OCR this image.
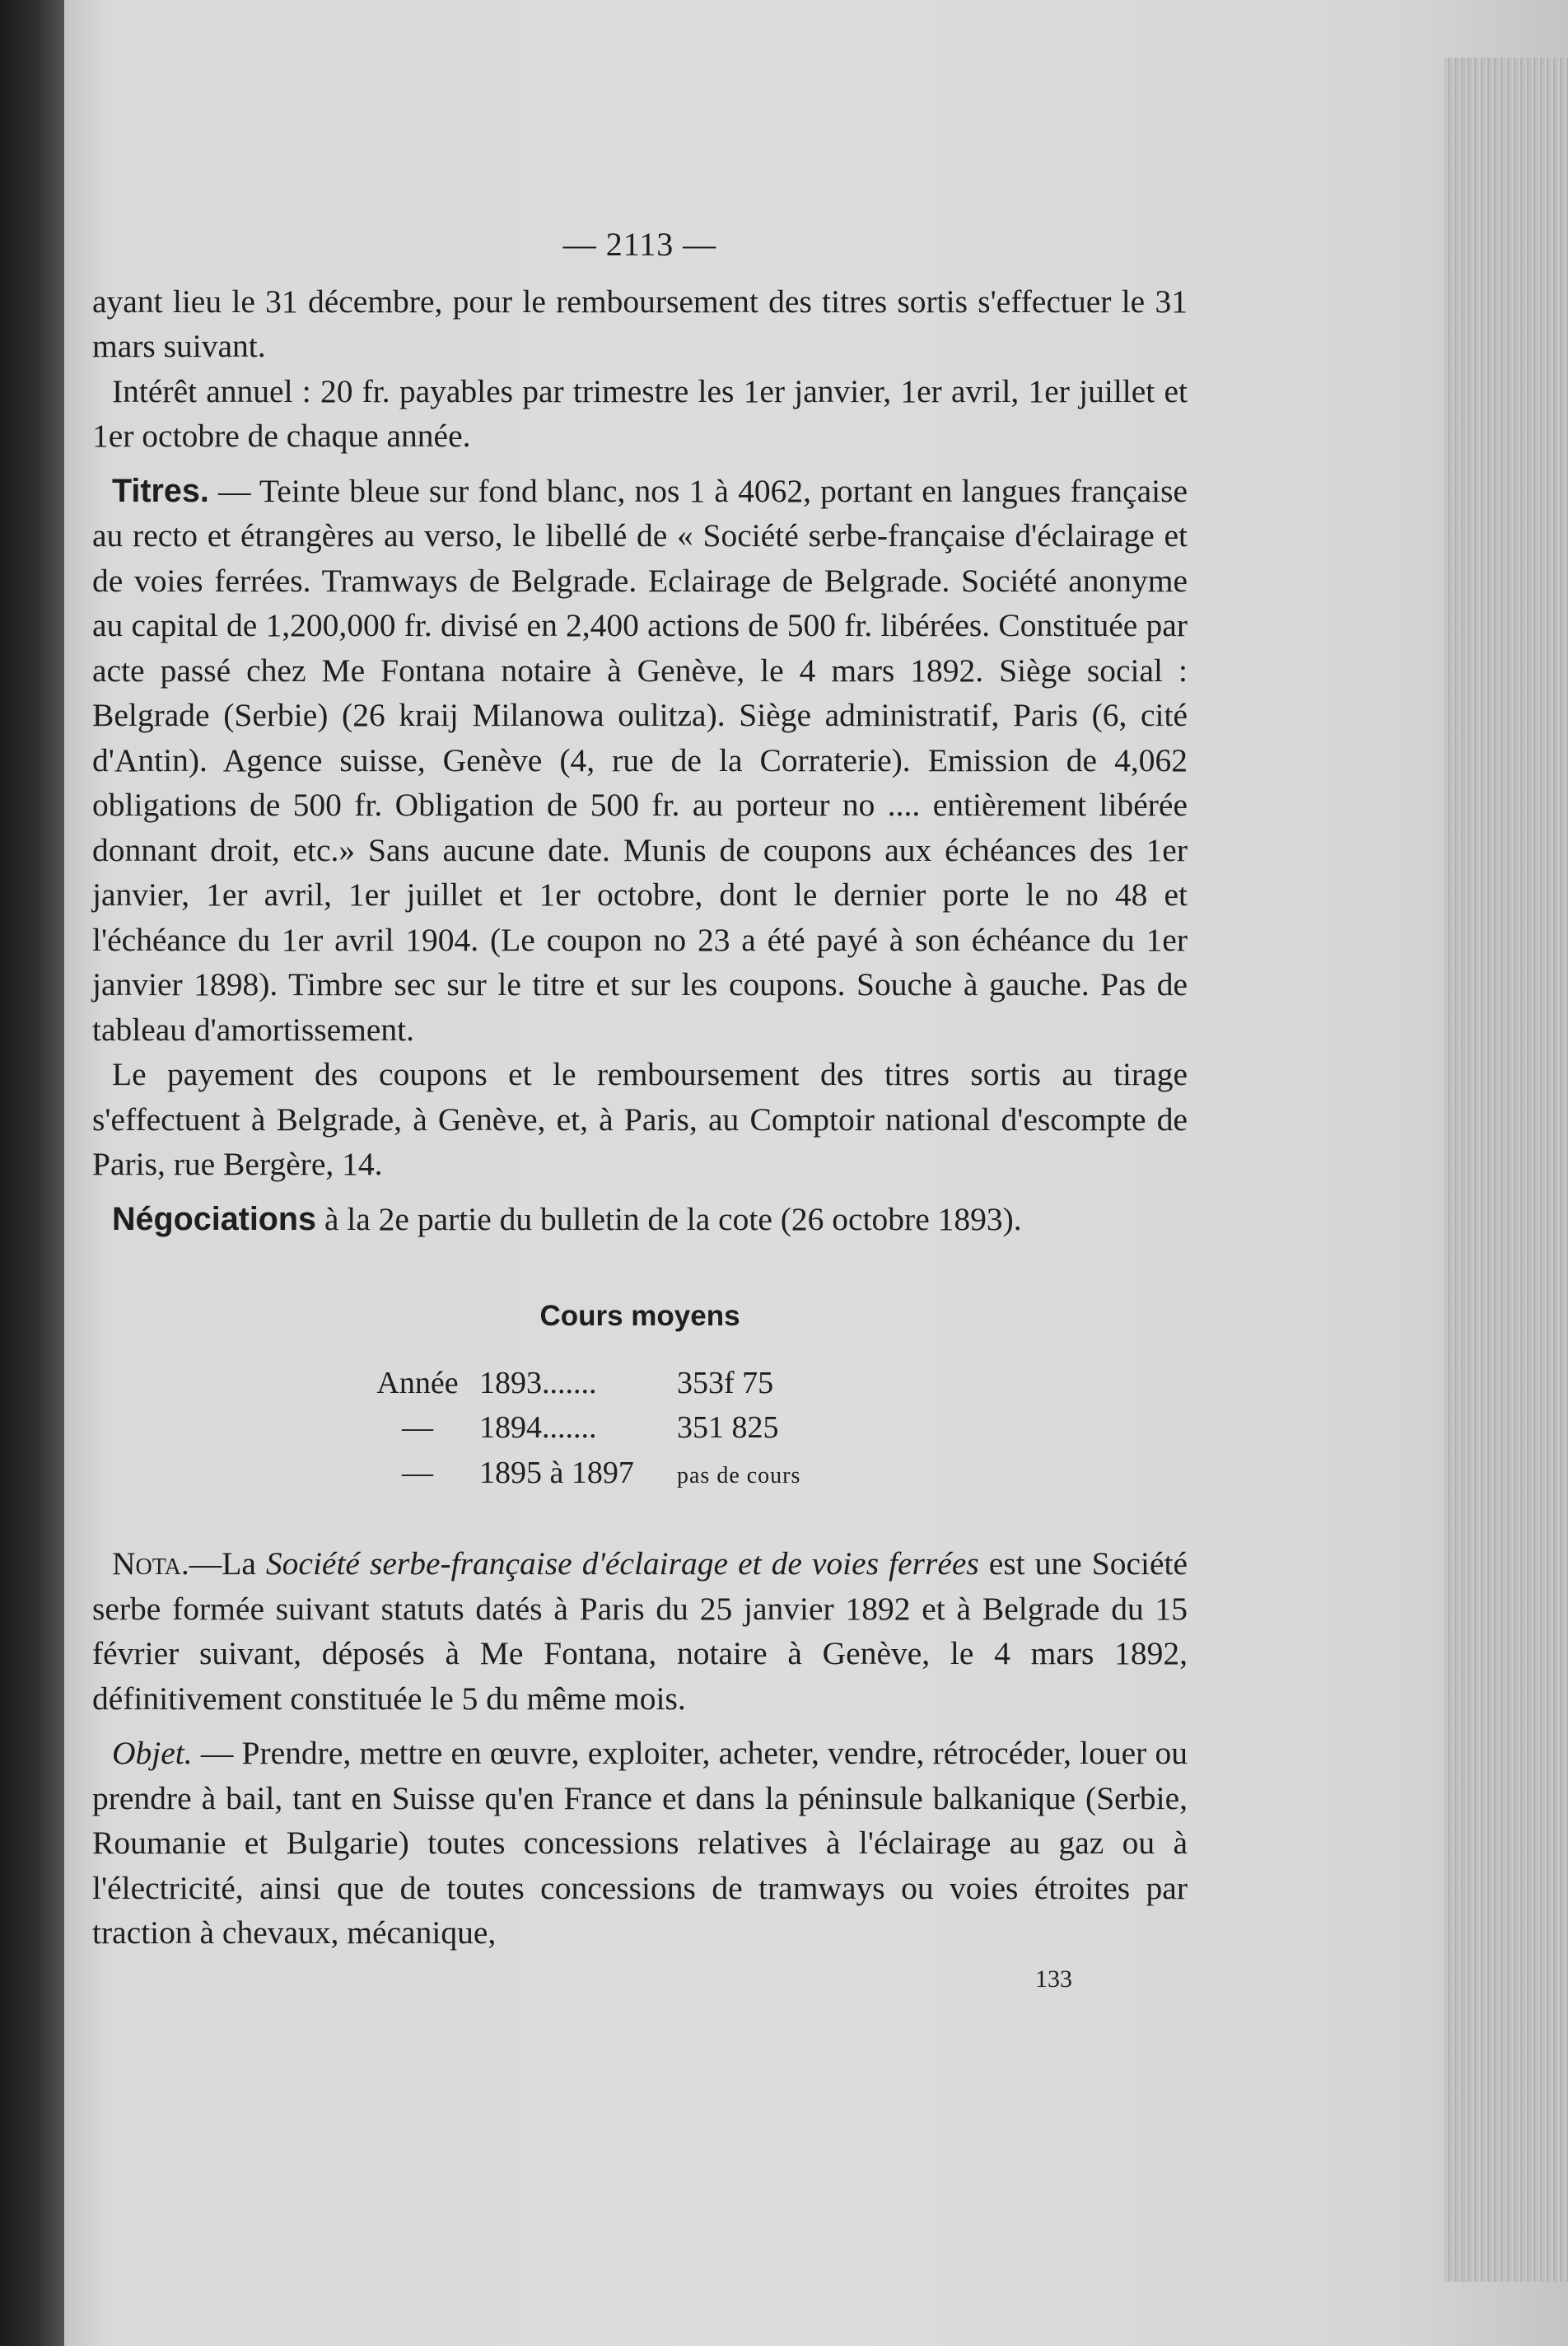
— 2113 —

ayant lieu le 31 décembre, pour le remboursement des titres sortis s'effectuer le 31 mars suivant.

Intérêt annuel : 20 fr. payables par trimestre les 1er janvier, 1er avril, 1er juillet et 1er octobre de chaque année.

Titres. — Teinte bleue sur fond blanc, nos 1 à 4062, portant en langues française au recto et étrangères au verso, le libellé de « Société serbe-française d'éclairage et de voies ferrées. Tramways de Belgrade. Eclairage de Belgrade. Société anonyme au capital de 1,200,000 fr. divisé en 2,400 actions de 500 fr. libérées. Constituée par acte passé chez Me Fontana notaire à Genève, le 4 mars 1892. Siège social : Belgrade (Serbie) (26 kraij Milanowa oulitza). Siège administratif, Paris (6, cité d'Antin). Agence suisse, Genève (4, rue de la Corraterie). Emission de 4,062 obligations de 500 fr. Obligation de 500 fr. au porteur no .... entièrement libérée donnant droit, etc.» Sans aucune date. Munis de coupons aux échéances des 1er janvier, 1er avril, 1er juillet et 1er octobre, dont le dernier porte le no 48 et l'échéance du 1er avril 1904. (Le coupon no 23 a été payé à son échéance du 1er janvier 1898). Timbre sec sur le titre et sur les coupons. Souche à gauche. Pas de tableau d'amortissement.

Le payement des coupons et le remboursement des titres sortis au tirage s'effectuent à Belgrade, à Genève, et, à Paris, au Comptoir national d'escompte de Paris, rue Bergère, 14.

Négociations à la 2e partie du bulletin de la cote (26 octobre 1893).

Cours moyens
Année	1893.......	353f 75
—	1894.......	351 825
—	1895 à 1897	pas de cours

Nota.—La Société serbe-française d'éclairage et de voies ferrées est une Société serbe formée suivant statuts datés à Paris du 25 janvier 1892 et à Belgrade du 15 février suivant, déposés à Me Fontana, notaire à Genève, le 4 mars 1892, définitivement constituée le 5 du même mois.

Objet. — Prendre, mettre en œuvre, exploiter, acheter, vendre, rétrocéder, louer ou prendre à bail, tant en Suisse qu'en France et dans la péninsule balkanique (Serbie, Roumanie et Bulgarie) toutes concessions relatives à l'éclairage au gaz ou à l'électricité, ainsi que de toutes concessions de tramways ou voies étroites par traction à chevaux, mécanique,

133
